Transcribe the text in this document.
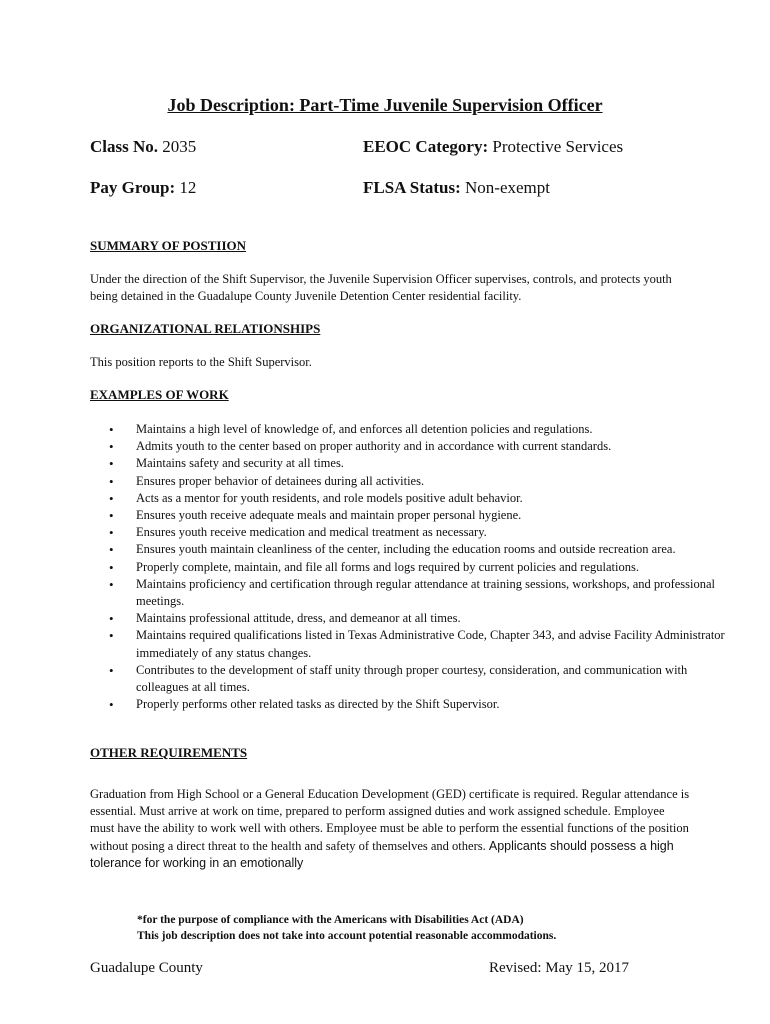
Job Description: Part-Time Juvenile Supervision Officer
Class No. 2035	EEOC Category: Protective Services
Pay Group: 12	FLSA Status: Non-exempt
SUMMARY OF POSTIION
Under the direction of the Shift Supervisor, the Juvenile Supervision Officer supervises, controls, and protects youth being detained in the Guadalupe County Juvenile Detention Center residential facility.
ORGANIZATIONAL RELATIONSHIPS
This position reports to the Shift Supervisor.
EXAMPLES OF WORK
• Maintains a high level of knowledge of, and enforces all detention policies and regulations.
• Admits youth to the center based on proper authority and in accordance with current standards.
• Maintains safety and security at all times.
• Ensures proper behavior of detainees during all activities.
• Acts as a mentor for youth residents, and role models positive adult behavior.
• Ensures youth receive adequate meals and maintain proper personal hygiene.
• Ensures youth receive medication and medical treatment as necessary.
• Ensures youth maintain cleanliness of the center, including the education rooms and outside recreation area.
• Properly complete, maintain, and file all forms and logs required by current policies and regulations.
• Maintains proficiency and certification through regular attendance at training sessions, workshops, and professional meetings.
• Maintains professional attitude, dress, and demeanor at all times.
• Maintains required qualifications listed in Texas Administrative Code, Chapter 343, and advise Facility Administrator immediately of any status changes.
• Contributes to the development of staff unity through proper courtesy, consideration, and communication with colleagues at all times.
• Properly performs other related tasks as directed by the Shift Supervisor.
OTHER REQUIREMENTS
Graduation from High School or a General Education Development (GED) certificate is required. Regular attendance is essential. Must arrive at work on time, prepared to perform assigned duties and work assigned schedule. Employee must have the ability to work well with others. Employee must be able to perform the essential functions of the position without posing a direct threat to the health and safety of themselves and others. Applicants should possess a high tolerance for working in an emotionally
*for the purpose of compliance with the Americans with Disabilities Act (ADA)
This job description does not take into account potential reasonable accommodations.
Guadalupe County	Revised: May 15, 2017
